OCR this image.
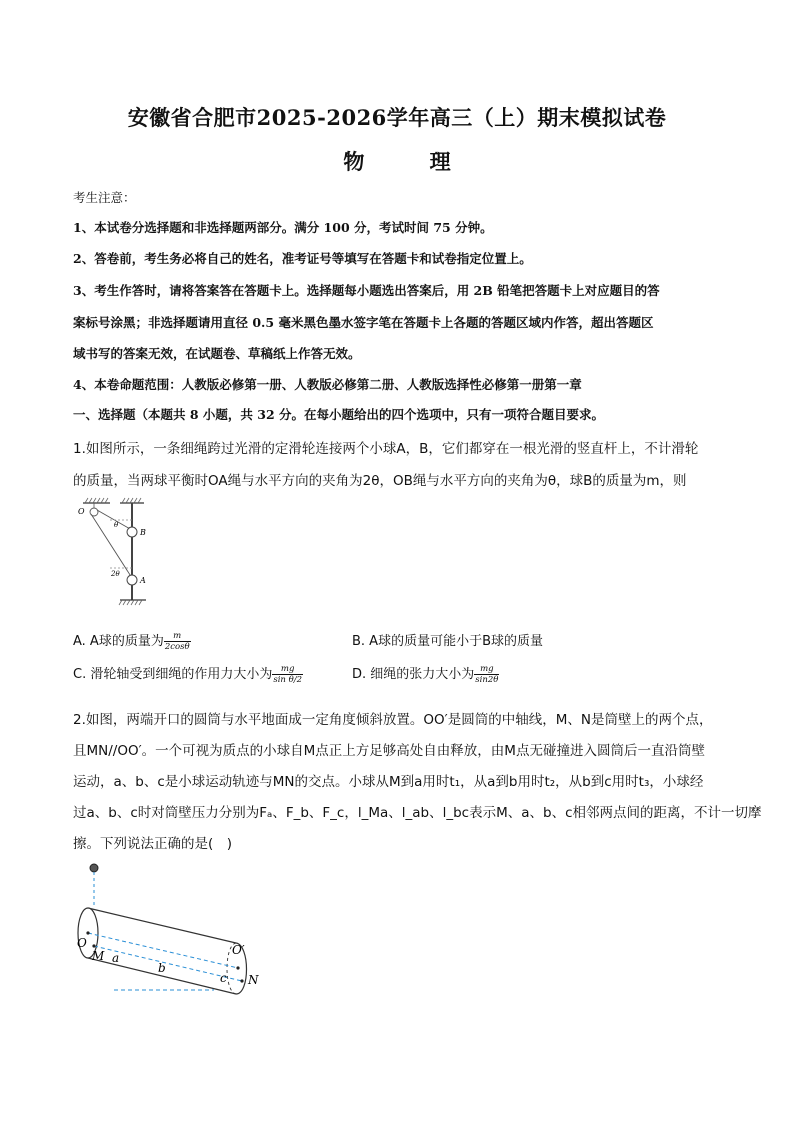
安徽省合肥市2025-2026学年高三（上）期末模拟试卷
物 理
考生注意：
1、本试卷分选择题和非选择题两部分。满分 100 分，考试时间 75 分钟。
2、答卷前，考生务必将自己的姓名，准考证号等填写在答题卡和试卷指定位置上。
3、考生作答时，请将答案答在答题卡上。选择题每小题选出答案后，用 2B 铅笔把答题卡上对应题目的答
案标号涂黑；非选择题请用直径 0.5 毫米黑色墨水签字笔在答题卡上各题的答题区域内作答，超出答题区
域书写的答案无效，在试题卷、草稿纸上作答无效。
4、本卷命题范围：人教版必修第一册、人教版必修第二册、人教版选择性必修第一册第一章
一、选择题（本题共 8 小题，共 32 分。在每小题给出的四个选项中，只有一项符合题目要求。
1.如图所示，一条细绳跨过光滑的定滑轮连接两个小球A，B，它们都穿在一根光滑的竖直杆上，不计滑轮
的质量，当两球平衡时OA绳与水平方向的夹角为2θ，OB绳与水平方向的夹角为θ，球B的质量为m，则
O
B
A
θ
2θ
A. A球的质量为 $\frac{m}{2\cos\theta}$	B. A球的质量可能小于B球的质量
C. 滑轮轴受到细绳的作用力大小为 $\frac{mg}{\text{sin θ/2}}$	D. 细绳的张力大小为 $\frac{mg}{\sin 2\theta}$
2.如图，两端开口的圆筒与水平地面成一定角度倾斜放置。OO′是圆筒的中轴线，M、N是筒壁上的两个点，
且MN//OO′。一个可视为质点的小球自M点正上方足够高处自由释放，由M点无碰撞进入圆筒后一直沿筒壁
运动，a、b、c是小球运动轨迹与MN的交点。小球从M到a用时t₁，从a到b用时t₂，从b到c用时t₃，小球经
过a、b、c时对筒壁压力分别为Fₐ、F_b、F_c，l_Ma、l_ab、l_bc表示M、a、b、c相邻两点间的距离，不计一切摩
擦。下列说法正确的是(　)
O	O′
M
N
a
b
c
